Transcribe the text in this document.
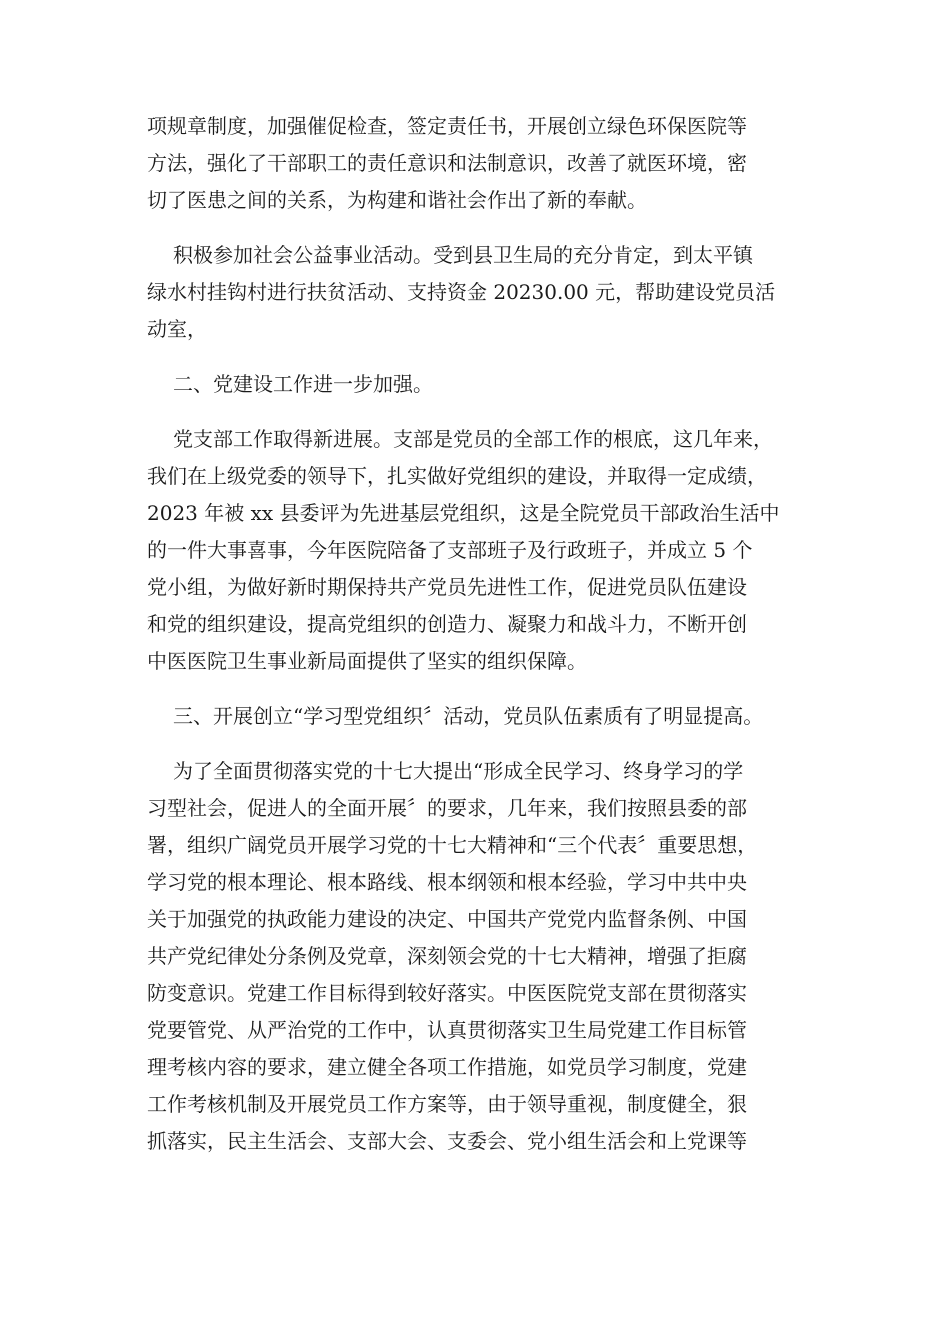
项规章制度，加强催促检查，签定责任书，开展创立绿色环保医院等
方法，强化了干部职工的责任意识和法制意识，改善了就医环境，密
切了医患之间的关系，为构建和谐社会作出了新的奉献。

积极参加社会公益事业活动。受到县卫生局的充分肯定，到太平镇
绿水村挂钩村进行扶贫活动、支持资金 20230.00 元，帮助建设党员活
动室，

二、党建设工作进一步加强。

党支部工作取得新进展。支部是党员的全部工作的根底，这几年来，
我们在上级党委的领导下，扎实做好党组织的建设，并取得一定成绩，
2023 年被 xx 县委评为先进基层党组织，这是全院党员干部政治生活中
的一件大事喜事，今年医院陪备了支部班子及行政班子，并成立 5 个
党小组，为做好新时期保持共产党员先进性工作，促进党员队伍建设
和党的组织建设，提高党组织的创造力、凝聚力和战斗力，不断开创
中医医院卫生事业新局面提供了坚实的组织保障。

三、开展创立“学习型党组织〞活动，党员队伍素质有了明显提高。

为了全面贯彻落实党的十七大提出“形成全民学习、终身学习的学
习型社会，促进人的全面开展〞的要求，几年来，我们按照县委的部
署，组织广阔党员开展学习党的十七大精神和“三个代表〞重要思想，
学习党的根本理论、根本路线、根本纲领和根本经验，学习中共中央
关于加强党的执政能力建设的决定、中国共产党党内监督条例、中国
共产党纪律处分条例及党章，深刻领会党的十七大精神，增强了拒腐
防变意识。党建工作目标得到较好落实。中医医院党支部在贯彻落实
党要管党、从严治党的工作中，认真贯彻落实卫生局党建工作目标管
理考核内容的要求，建立健全各项工作措施，如党员学习制度，党建
工作考核机制及开展党员工作方案等，由于领导重视，制度健全，狠
抓落实，民主生活会、支部大会、支委会、党小组生活会和上党课等
